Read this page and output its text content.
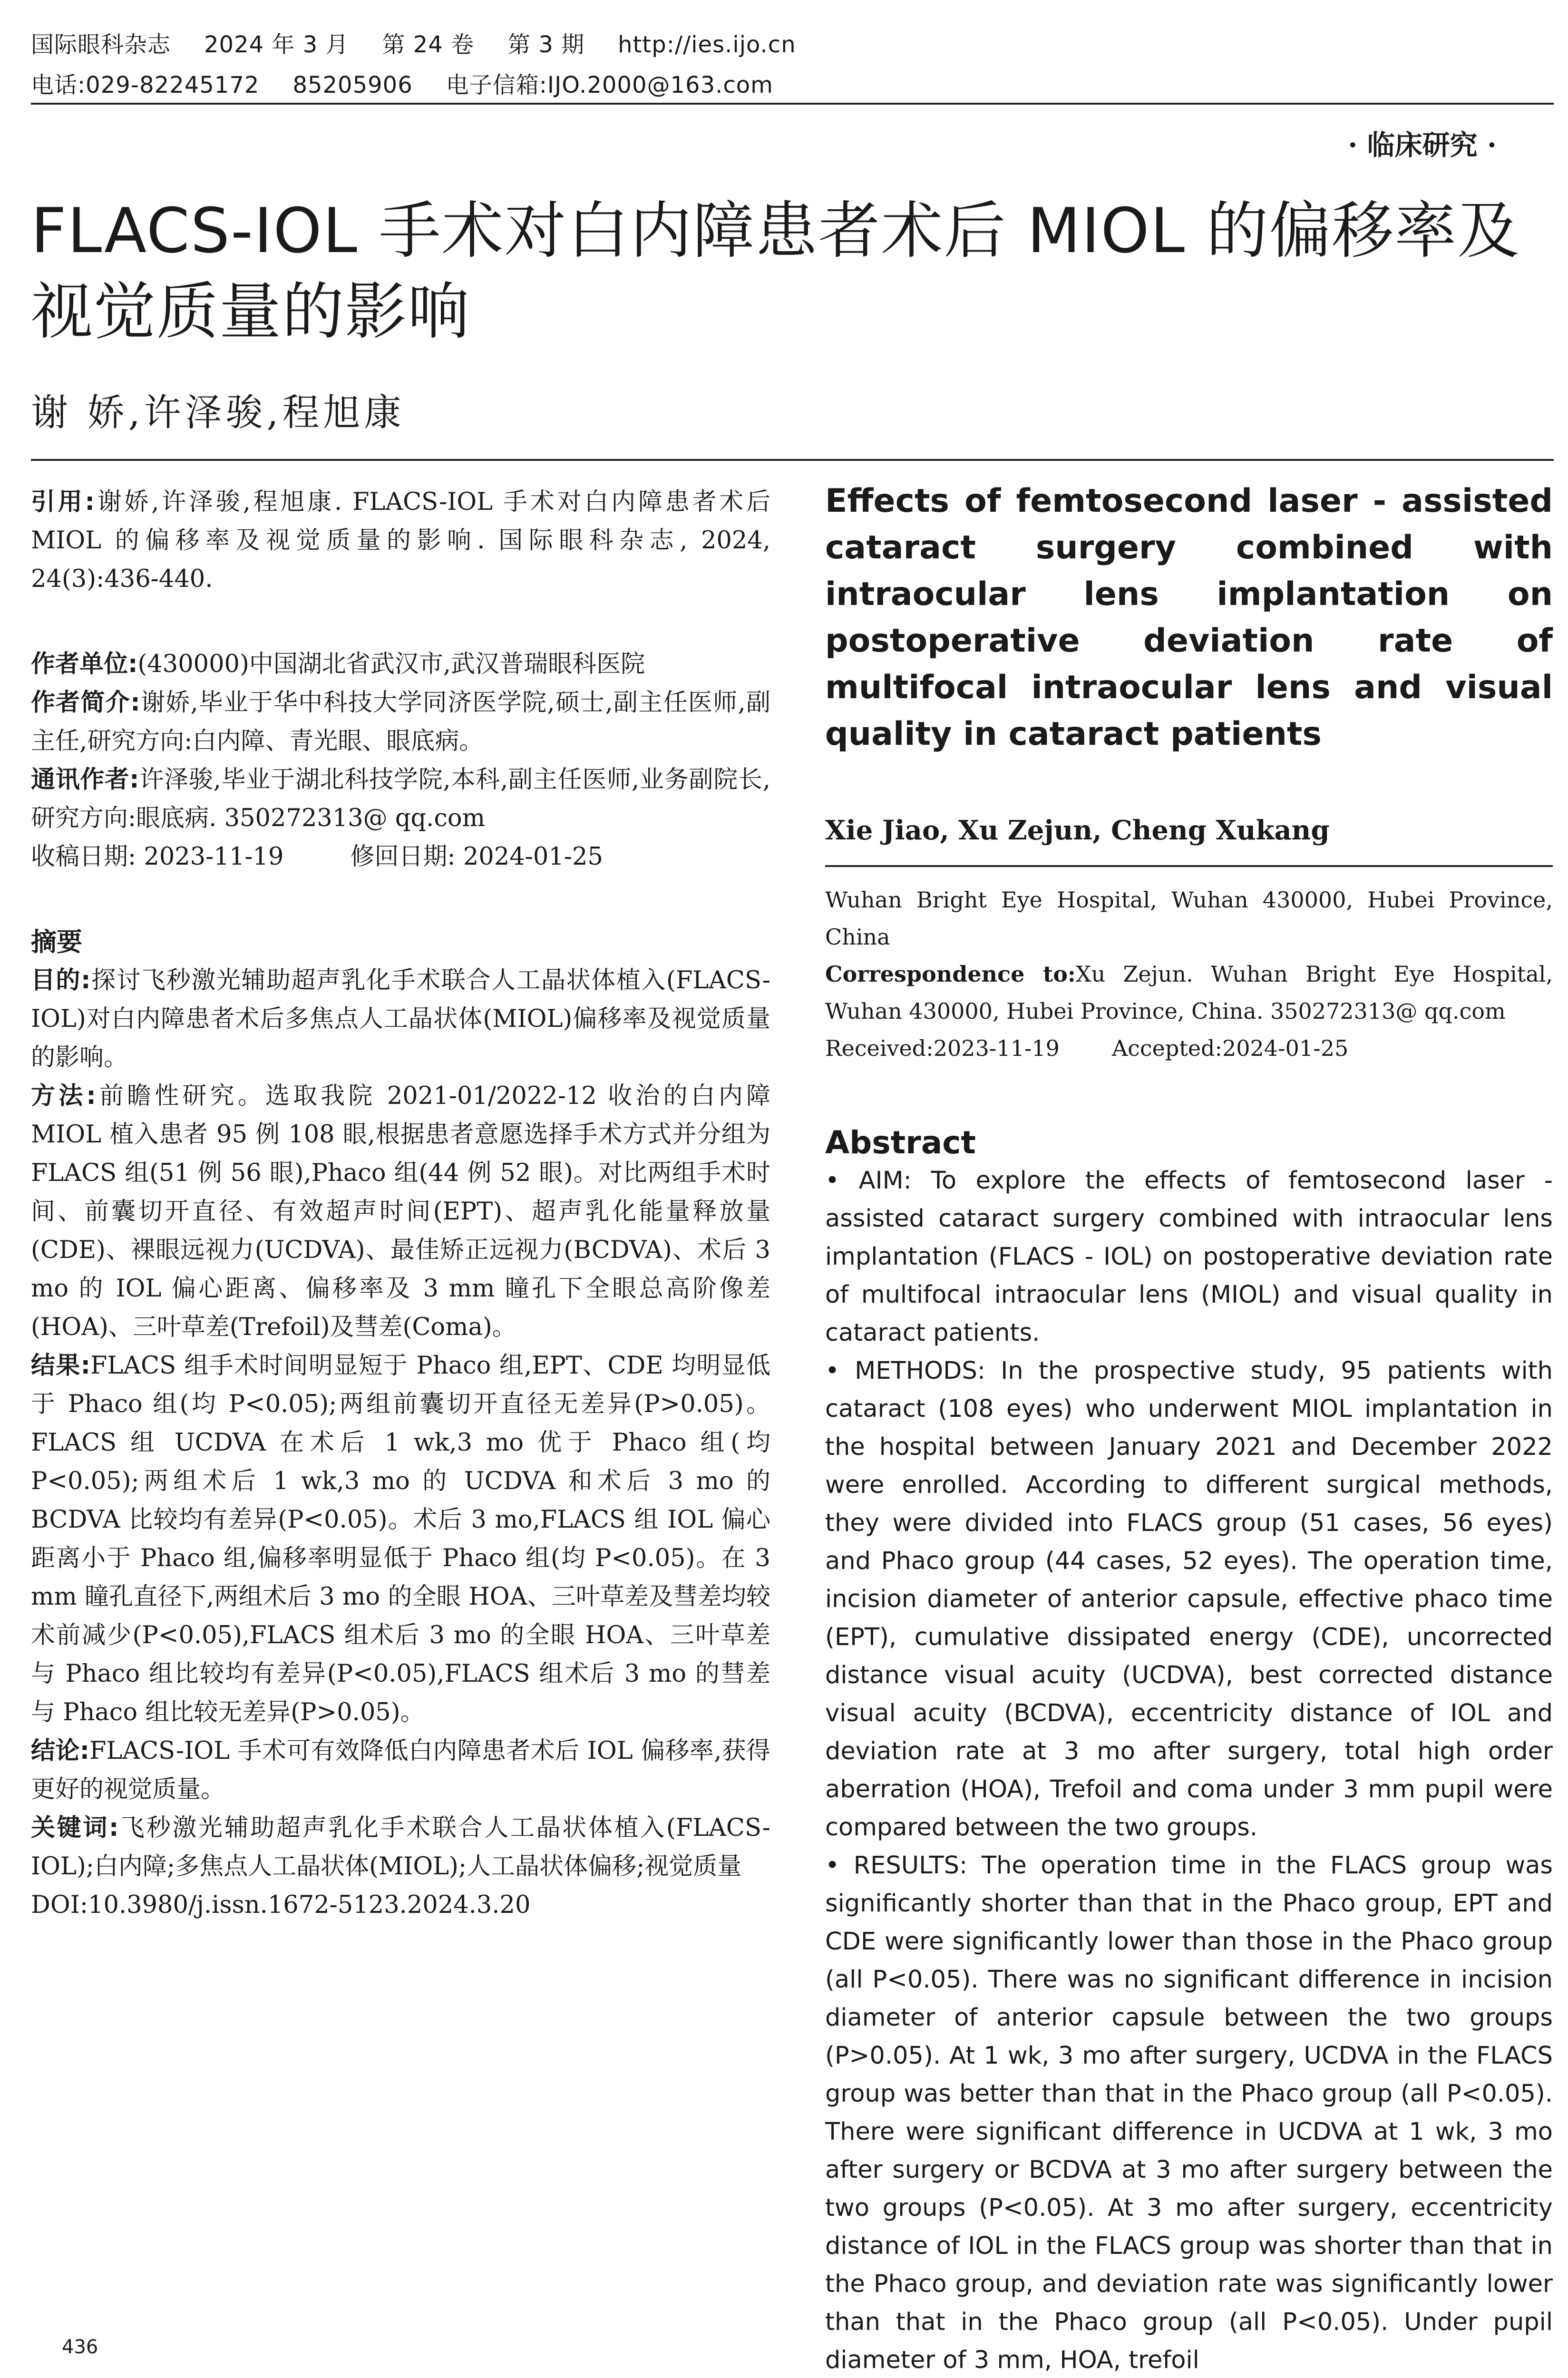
国际眼科杂志 2024 年 3 月 第 24 卷 第 3 期 http://ies.ijo.cn
电话:029-82245172 85205906 电子信箱:IJO.2000@163.com
· 临床研究 ·
FLACS-IOL 手术对白内障患者术后 MIOL 的偏移率及视觉质量的影响
谢 娇,许泽骏,程旭康

引用:谢娇,许泽骏,程旭康. FLACS-IOL 手术对白内障患者术后 MIOL 的偏移率及视觉质量的影响. 国际眼科杂志, 2024, 24(3):436-440.

作者单位:(430000)中国湖北省武汉市,武汉普瑞眼科医院

作者简介:谢娇,毕业于华中科技大学同济医学院,硕士,副主任医师,副主任,研究方向:白内障、青光眼、眼底病。

通讯作者:许泽骏,毕业于湖北科技学院,本科,副主任医师,业务副院长,研究方向:眼底病. 350272313@ qq.com

收稿日期: 2023-11-19	修回日期: 2024-01-25

摘要

目的:探讨飞秒激光辅助超声乳化手术联合人工晶状体植入(FLACS-IOL)对白内障患者术后多焦点人工晶状体(MIOL)偏移率及视觉质量的影响。

方法:前瞻性研究。选取我院 2021-01/2022-12 收治的白内障 MIOL 植入患者 95 例 108 眼,根据患者意愿选择手术方式并分组为 FLACS 组(51 例 56 眼),Phaco 组(44 例 52 眼)。对比两组手术时间、前囊切开直径、有效超声时间(EPT)、超声乳化能量释放量(CDE)、裸眼远视力(UCDVA)、最佳矫正远视力(BCDVA)、术后 3 mo 的 IOL 偏心距离、偏移率及 3 mm 瞳孔下全眼总高阶像差(HOA)、三叶草差(Trefoil)及彗差(Coma)。

结果:FLACS 组手术时间明显短于 Phaco 组,EPT、CDE 均明显低于 Phaco 组(均 P<0.05);两组前囊切开直径无差异(P>0.05)。FLACS 组 UCDVA 在术后 1 wk,3 mo 优于 Phaco 组(均 P<0.05);两组术后 1 wk,3 mo 的 UCDVA 和术后 3 mo 的 BCDVA 比较均有差异(P<0.05)。术后 3 mo,FLACS 组 IOL 偏心距离小于 Phaco 组,偏移率明显低于 Phaco 组(均 P<0.05)。在 3 mm 瞳孔直径下,两组术后 3 mo 的全眼 HOA、三叶草差及彗差均较术前减少(P<0.05),FLACS 组术后 3 mo 的全眼 HOA、三叶草差与 Phaco 组比较均有差异(P<0.05),FLACS 组术后 3 mo 的彗差与 Phaco 组比较无差异(P>0.05)。

结论:FLACS-IOL 手术可有效降低白内障患者术后 IOL 偏移率,获得更好的视觉质量。

关键词:飞秒激光辅助超声乳化手术联合人工晶状体植入(FLACS-IOL);白内障;多焦点人工晶状体(MIOL);人工晶状体偏移;视觉质量

DOI:10.3980/j.issn.1672-5123.2024.3.20

Effects of femtosecond laser - assisted cataract surgery combined with intraocular lens implantation on postoperative deviation rate of multifocal intraocular lens and visual quality in cataract patients

Xie Jiao, Xu Zejun, Cheng Xukang

Wuhan Bright Eye Hospital, Wuhan 430000, Hubei Province, China

Correspondence to:Xu Zejun. Wuhan Bright Eye Hospital, Wuhan 430000, Hubei Province, China. 350272313@ qq.com

Received:2023-11-19 Accepted:2024-01-25

Abstract

• AIM: To explore the effects of femtosecond laser - assisted cataract surgery combined with intraocular lens implantation (FLACS - IOL) on postoperative deviation rate of multifocal intraocular lens (MIOL) and visual quality in cataract patients.

• METHODS: In the prospective study, 95 patients with cataract (108 eyes) who underwent MIOL implantation in the hospital between January 2021 and December 2022 were enrolled. According to different surgical methods, they were divided into FLACS group (51 cases, 56 eyes) and Phaco group (44 cases, 52 eyes). The operation time, incision diameter of anterior capsule, effective phaco time (EPT), cumulative dissipated energy (CDE), uncorrected distance visual acuity (UCDVA), best corrected distance visual acuity (BCDVA), eccentricity distance of IOL and deviation rate at 3 mo after surgery, total high order aberration (HOA), Trefoil and coma under 3 mm pupil were compared between the two groups.

• RESULTS: The operation time in the FLACS group was significantly shorter than that in the Phaco group, EPT and CDE were significantly lower than those in the Phaco group (all P<0.05). There was no significant difference in incision diameter of anterior capsule between the two groups (P>0.05). At 1 wk, 3 mo after surgery, UCDVA in the FLACS group was better than that in the Phaco group (all P<0.05). There were significant difference in UCDVA at 1 wk, 3 mo after surgery or BCDVA at 3 mo after surgery between the two groups (P<0.05). At 3 mo after surgery, eccentricity distance of IOL in the FLACS group was shorter than that in the Phaco group, and deviation rate was significantly lower than that in the Phaco group (all P<0.05). Under pupil diameter of 3 mm, HOA, trefoil

436
